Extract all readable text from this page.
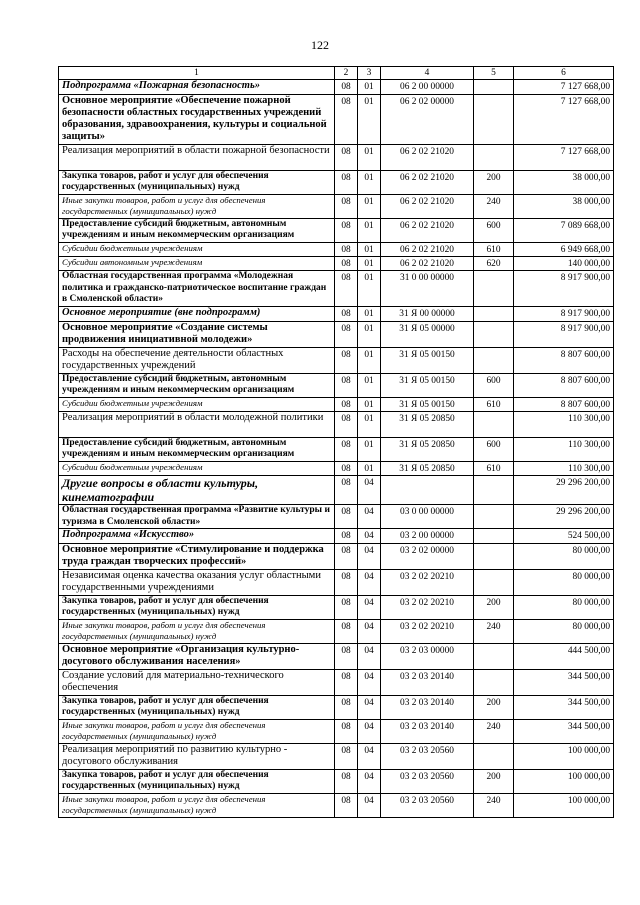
122
1	2	3	4	5	6
Подпрограмма «Пожарная безопасность»	08	01	06 2 00 00000		7 127 668,00
Основное мероприятие «Обеспечение пожарной безопасности областных государственных учреждений образования, здравоохранения, культуры и социальной защиты»	08	01	06 2 02 00000		7 127 668,00
Реализация мероприятий в области пожарной безопасности	08	01	06 2 02 21020		7 127 668,00
Закупка товаров, работ и услуг для обеспечения государственных (муниципальных) нужд	08	01	06 2 02 21020	200	38 000,00
Иные закупки товаров, работ и услуг для обеспечения государственных (муниципальных) нужд	08	01	06 2 02 21020	240	38 000,00
Предоставление субсидий бюджетным, автономным учреждениям и иным некоммерческим организациям	08	01	06 2 02 21020	600	7 089 668,00
Субсидии бюджетным учреждениям	08	01	06 2 02 21020	610	6 949 668,00
Субсидии автономным учреждениям	08	01	06 2 02 21020	620	140 000,00
Областная государственная программа «Молодежная политика и гражданско-патриотическое воспитание граждан в Смоленской области»	08	01	31 0 00 00000		8 917 900,00
Основное мероприятие (вне подпрограмм)	08	01	31 Я 00 00000		8 917 900,00
Основное мероприятие «Создание системы продвижения инициативной молодежи»	08	01	31 Я 05 00000		8 917 900,00
Расходы на обеспечение деятельности областных государственных учреждений	08	01	31 Я 05 00150		8 807 600,00
Предоставление субсидий бюджетным, автономным учреждениям и иным некоммерческим организациям	08	01	31 Я 05 00150	600	8 807 600,00
Субсидии бюджетным учреждениям	08	01	31 Я 05 00150	610	8 807 600,00
Реализация мероприятий в области молодежной политики	08	01	31 Я 05 20850		110 300,00
Предоставление субсидий бюджетным, автономным учреждениям и иным некоммерческим организациям	08	01	31 Я 05 20850	600	110 300,00
Субсидии бюджетным учреждениям	08	01	31 Я 05 20850	610	110 300,00
Другие вопросы в области культуры, кинематографии	08	04			29 296 200,00
Областная государственная программа «Развитие культуры и туризма в Смоленской области»	08	04	03 0 00 00000		29 296 200,00
Подпрограмма «Искусство»	08	04	03 2 00 00000		524 500,00
Основное мероприятие «Стимулирование и поддержка труда граждан творческих профессий»	08	04	03 2 02 00000		80 000,00
Независимая оценка качества оказания услуг областными государственными учреждениями	08	04	03 2 02 20210		80 000,00
Закупка товаров, работ и услуг для обеспечения государственных (муниципальных) нужд	08	04	03 2 02 20210	200	80 000,00
Иные закупки товаров, работ и услуг для обеспечения государственных (муниципальных) нужд	08	04	03 2 02 20210	240	80 000,00
Основное мероприятие «Организация культурно-досугового обслуживания населения»	08	04	03 2 03 00000		444 500,00
Создание условий для материально-технического обеспечения	08	04	03 2 03 20140		344 500,00
Закупка товаров, работ и услуг для обеспечения государственных (муниципальных) нужд	08	04	03 2 03 20140	200	344 500,00
Иные закупки товаров, работ и услуг для обеспечения государственных (муниципальных) нужд	08	04	03 2 03 20140	240	344 500,00
Реализация мероприятий по развитию культурно - досугового обслуживания	08	04	03 2 03 20560		100 000,00
Закупка товаров, работ и услуг для обеспечения государственных (муниципальных) нужд	08	04	03 2 03 20560	200	100 000,00
Иные закупки товаров, работ и услуг для обеспечения государственных (муниципальных) нужд	08	04	03 2 03 20560	240	100 000,00
